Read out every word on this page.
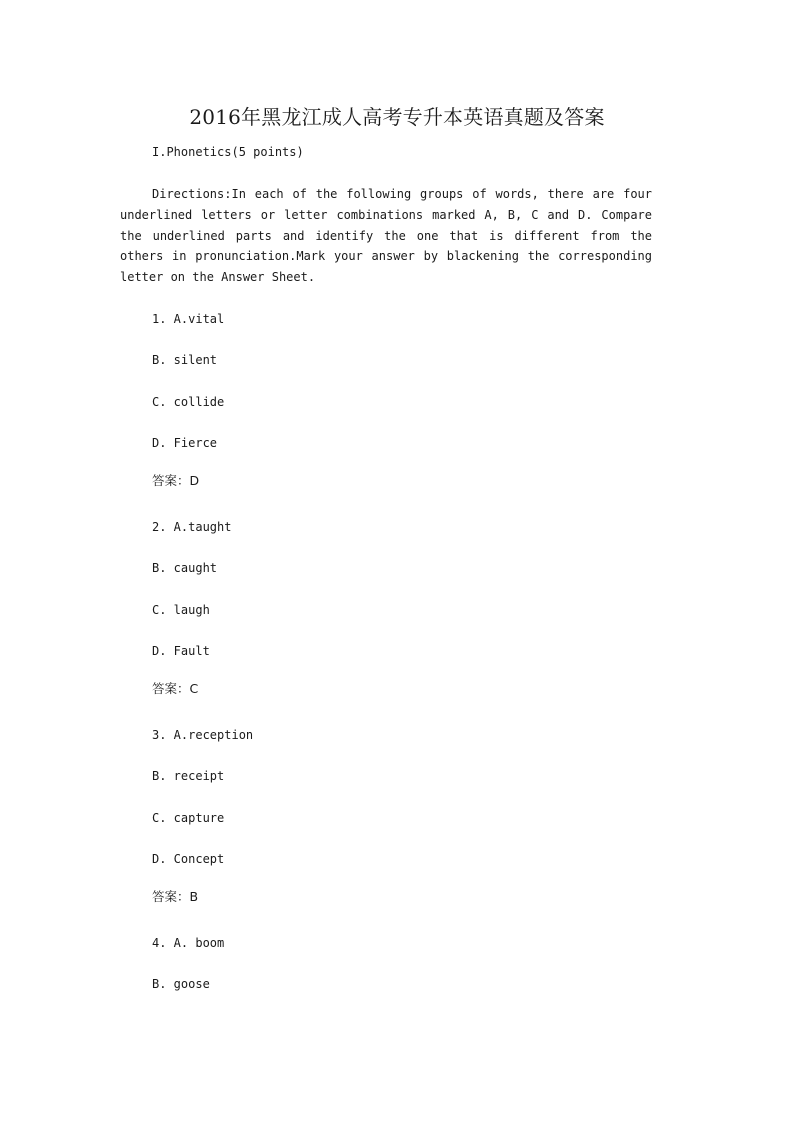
2016年黑龙江成人高考专升本英语真题及答案
I.Phonetics(5 points)
Directions:In each of the following groups of words, there are four underlined letters or letter combinations marked A, B, C and D. Compare the underlined parts and identify the one that is different from the others in pronunciation.Mark your answer by blackening the corresponding letter on the Answer Sheet.
1. A.vital
B. silent
C. collide
D. Fierce
答案：D
2. A.taught
B. caught
C. laugh
D. Fault
答案：C
3. A.reception
B. receipt
C. capture
D. Concept
答案：B
4. A. boom
B. goose
